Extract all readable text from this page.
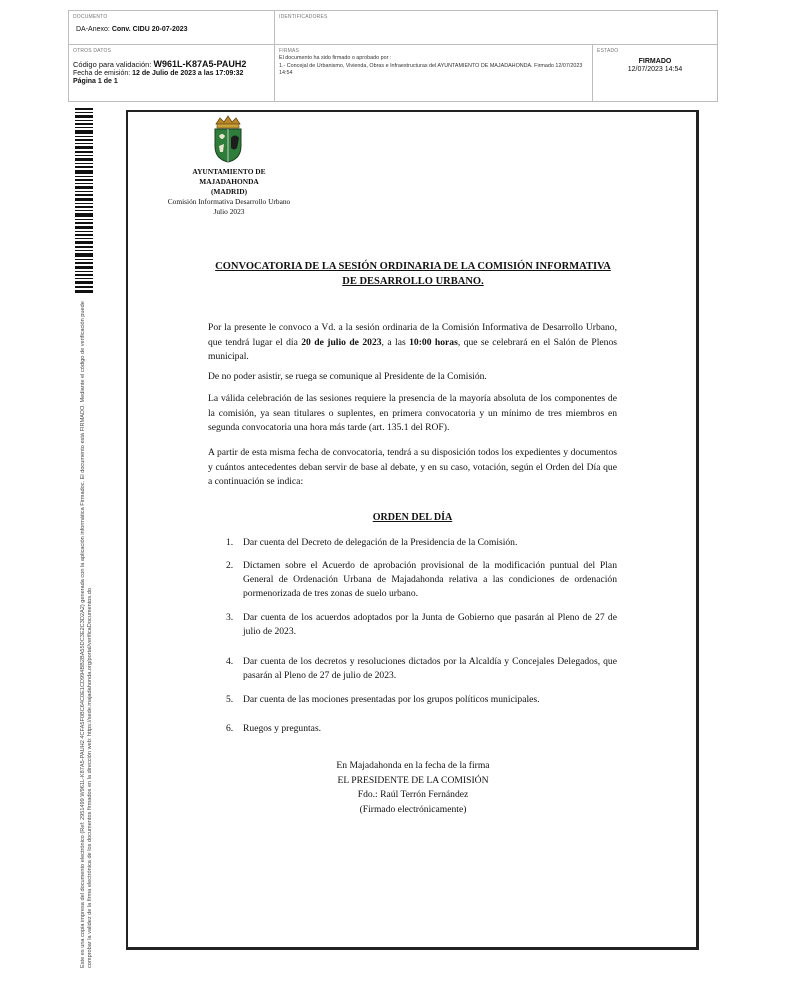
DOCUMENTO
DA-Anexo: Conv. CIDU 20-07-2023
IDENTIFICADORES
OTROS DATOS
Código para validación: W961L-K87A5-PAUH2
Fecha de emisión: 12 de Julio de 2023 a las 17:09:32
Página 1 de 1
FIRMAS
El documento ha sido firmado o aprobado por :
1.- Concejal de Urbanismo, Vivienda, Obras e Infraestructuras del AYUNTAMIENTO DE MAJADAHONDA. Firmado 12/07/2023 14:54
ESTADO
FIRMADO
12/07/2023 14:54
Este es una copia impresa del documento electrónico (Ref: 2951499 W961L-K87A5-PAUH2 4CFA5F0BC64C0E1CD994BB2BA55DC3E2C3D2A2) generada con la aplicación informática Firmadoc. El documento está FIRMADO. Mediante el código de verificación puede comprobar la validez de la firma electrónica de los documentos firmados en la dirección web: https://sede.majadahonda.org/portal/verificaDocumentos.do
AYUNTAMIENTO DE
MAJADAHONDA
(MADRID)
Comisión Informativa Desarrollo Urbano
Julio 2023
CONVOCATORIA DE LA SESIÓN ORDINARIA DE LA COMISIÓN INFORMATIVA
DE DESARROLLO URBANO.

Por la presente le convoco a Vd. a la sesión ordinaria de la Comisión Informativa de Desarrollo Urbano, que tendrá lugar el día 20 de julio de 2023, a las 10:00 horas, que se celebrará en el Salón de Plenos municipal.

De no poder asistir, se ruega se comunique al Presidente de la Comisión.

La válida celebración de las sesiones requiere la presencia de la mayoría absoluta de los componentes de la comisión, ya sean titulares o suplentes, en primera convocatoria y un mínimo de tres miembros en segunda convocatoria una hora más tarde (art. 135.1 del ROF).

A partir de esta misma fecha de convocatoria, tendrá a su disposición todos los expedientes y documentos y cuántos antecedentes deban servir de base al debate, y en su caso, votación, según el Orden del Día que a continuación se indica:

ORDEN DEL DÍA
1.	Dar cuenta del Decreto de delegación de la Presidencia de la Comisión.
2.	Dictamen sobre el Acuerdo de aprobación provisional de la modificación puntual del Plan General de Ordenación Urbana de Majadahonda relativa a las condiciones de ordenación pormenorizada de tres zonas de suelo urbano.
3.	Dar cuenta de los acuerdos adoptados por la Junta de Gobierno que pasarán al Pleno de 27 de julio de 2023.
4.	Dar cuenta de los decretos y resoluciones dictados por la Alcaldía y Concejales Delegados, que pasarán al Pleno de 27 de julio de 2023.
5.	Dar cuenta de las mociones presentadas por los grupos políticos municipales.
6.	Ruegos y preguntas.
En Majadahonda en la fecha de la firma
EL PRESIDENTE DE LA COMISIÓN
Fdo.: Raúl Terrón Fernández
(Firmado electrónicamente)
